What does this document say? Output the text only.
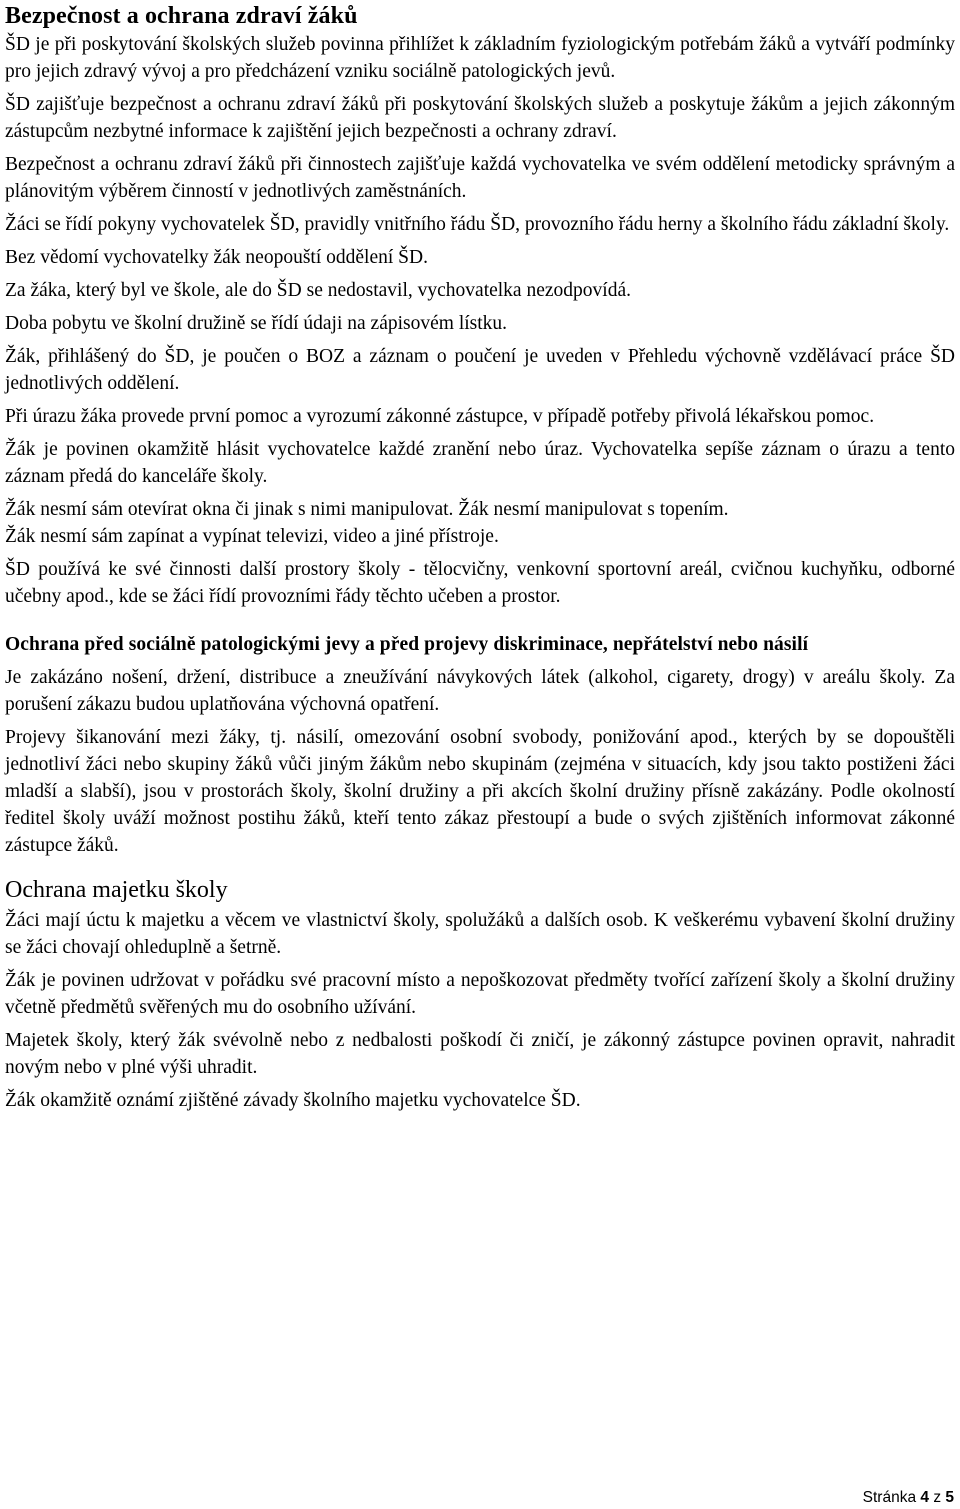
Bezpečnost a ochrana zdraví žáků

ŠD je při poskytování školských služeb povinna přihlížet k základním fyziologickým potřebám žáků a vytváří podmínky pro jejich zdravý vývoj a pro předcházení vzniku sociálně patologických jevů.

ŠD zajišťuje bezpečnost a ochranu zdraví žáků při poskytování školských služeb a poskytuje žákům a jejich zákonným zástupcům nezbytné informace k zajištění jejich bezpečnosti a ochrany zdraví.

Bezpečnost a ochranu zdraví žáků při činnostech zajišťuje každá vychovatelka ve svém oddělení metodicky správným a plánovitým výběrem činností v jednotlivých zaměstnáních.

Žáci se řídí pokyny vychovatelek ŠD, pravidly vnitřního řádu ŠD, provozního řádu herny a školního řádu základní školy.

Bez vědomí vychovatelky žák neopouští oddělení ŠD.

Za žáka, který byl ve škole, ale do ŠD se nedostavil, vychovatelka nezodpovídá.

Doba pobytu ve školní družině se řídí údaji na zápisovém lístku.

Žák, přihlášený do ŠD, je poučen o BOZ a záznam o poučení je uveden v Přehledu výchovně vzdělávací práce ŠD jednotlivých oddělení.

Při úrazu žáka provede první pomoc a vyrozumí zákonné zástupce, v případě potřeby přivolá lékařskou pomoc.

Žák je povinen okamžitě hlásit vychovatelce každé zranění nebo úraz. Vychovatelka sepíše záznam o úrazu a tento záznam předá do kanceláře školy.

Žák nesmí sám otevírat okna či jinak s nimi manipulovat. Žák nesmí manipulovat s topením.

Žák nesmí sám zapínat a vypínat televizi, video a jiné přístroje.

ŠD používá ke své činnosti další prostory školy - tělocvičny, venkovní sportovní areál, cvičnou kuchyňku, odborné učebny apod., kde se žáci řídí provozními řády těchto učeben a prostor.

Ochrana před sociálně patologickými jevy a před projevy diskriminace, nepřátelství nebo násilí

Je zakázáno nošení, držení, distribuce a zneužívání návykových látek (alkohol, cigarety, drogy) v areálu školy. Za porušení zákazu budou uplatňována výchovná opatření.

Projevy šikanování mezi žáky, tj. násilí, omezování osobní svobody, ponižování apod., kterých by se dopouštěli jednotliví žáci nebo skupiny žáků vůči jiným žákům nebo skupinám (zejména v situacích, kdy jsou takto postiženi žáci mladší a slabší), jsou v prostorách školy, školní družiny a při akcích školní družiny přísně zakázány. Podle okolností ředitel školy uváží možnost postihu žáků, kteří tento zákaz přestoupí a bude o svých zjištěních informovat zákonné zástupce žáků.

Ochrana majetku školy

Žáci mají úctu k majetku a věcem ve vlastnictví školy, spolužáků a dalších osob. K veškerému vybavení školní družiny se žáci chovají ohleduplně a šetrně.

Žák je povinen udržovat v pořádku své pracovní místo a nepoškozovat předměty tvořící zařízení školy a školní družiny včetně předmětů svěřených mu do osobního užívání.

Majetek školy, který žák svévolně nebo z nedbalosti poškodí či zničí, je zákonný zástupce povinen opravit, nahradit novým nebo v plné výši uhradit.

Žák okamžitě oznámí zjištěné závady školního majetku vychovatelce ŠD.

Stránka 4 z 5
